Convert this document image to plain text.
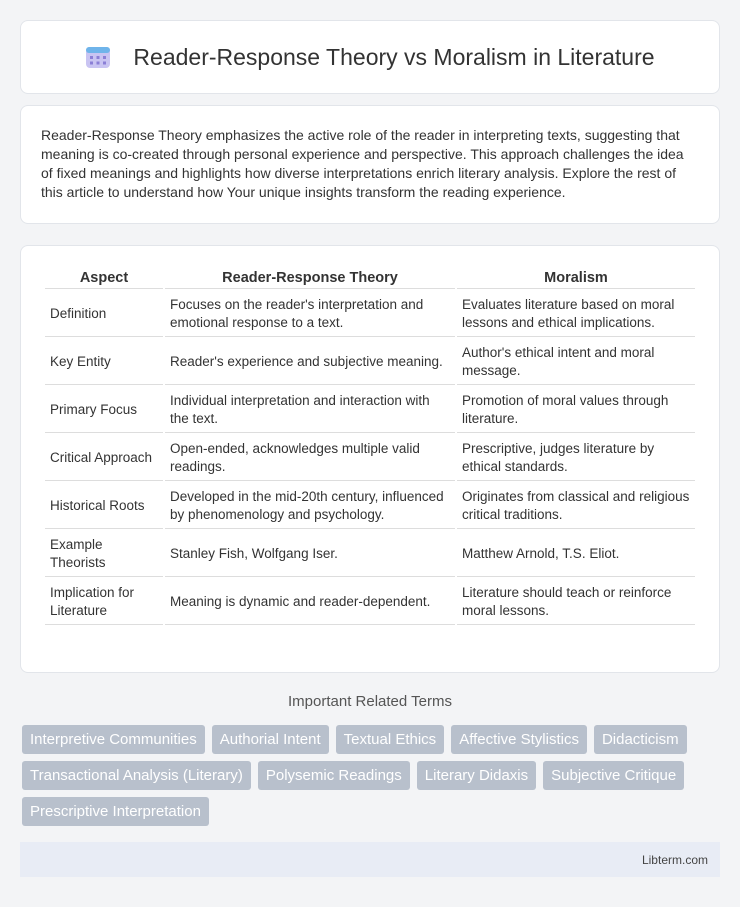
Reader-Response Theory vs Moralism in Literature

Reader-Response Theory emphasizes the active role of the reader in interpreting texts, suggesting that meaning is co-created through personal experience and perspective. This approach challenges the idea of fixed meanings and highlights how diverse interpretations enrich literary analysis. Explore the rest of this article to understand how Your unique insights transform the reading experience.

Aspect	Reader-Response Theory	Moralism
Definition	Focuses on the reader's interpretation and emotional response to a text.	Evaluates literature based on moral lessons and ethical implications.
Key Entity	Reader's experience and subjective meaning.	Author's ethical intent and moral message.
Primary Focus	Individual interpretation and interaction with the text.	Promotion of moral values through literature.
Critical Approach	Open-ended, acknowledges multiple valid readings.	Prescriptive, judges literature by ethical standards.
Historical Roots	Developed in the mid-20th century, influenced by phenomenology and psychology.	Originates from classical and religious critical traditions.
Example Theorists	Stanley Fish, Wolfgang Iser.	Matthew Arnold, T.S. Eliot.
Implication for Literature	Meaning is dynamic and reader-dependent.	Literature should teach or reinforce moral lessons.
Important Related Terms
Interpretive Communities	Authorial Intent	Textual Ethics	Affective Stylistics	Didacticism
Transactional Analysis (Literary)	Polysemic Readings	Literary Didaxis	Subjective Critique
Prescriptive Interpretation
Libterm.com
